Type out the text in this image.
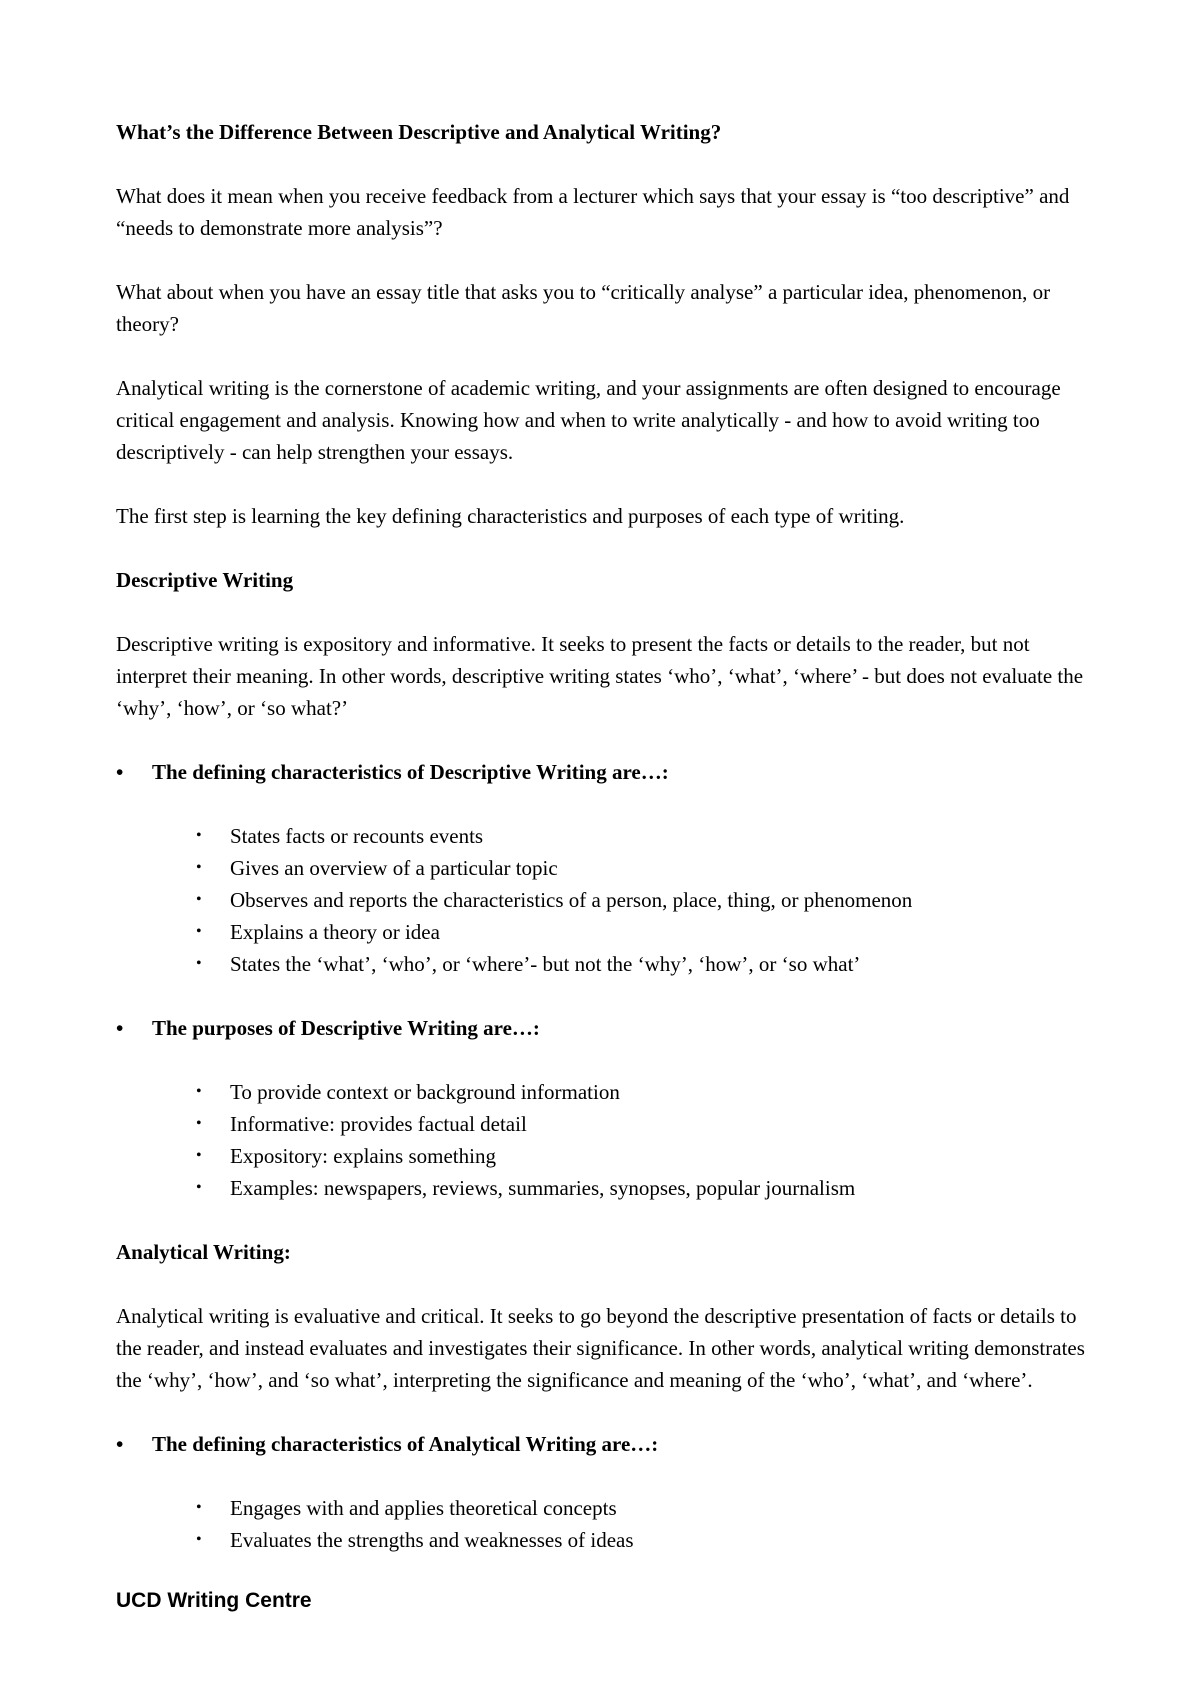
What’s the Difference Between Descriptive and Analytical Writing?
What does it mean when you receive feedback from a lecturer which says that your essay is “too descriptive” and “needs to demonstrate more analysis”?
What about when you have an essay title that asks you to “critically analyse” a particular idea, phenomenon, or theory?
Analytical writing is the cornerstone of academic writing, and your assignments are often designed to encourage critical engagement and analysis. Knowing how and when to write analytically - and how to avoid writing too descriptively - can help strengthen your essays.
The first step is learning the key defining characteristics and purposes of each type of writing.
Descriptive Writing
Descriptive writing is expository and informative. It seeks to present the facts or details to the reader, but not interpret their meaning. In other words, descriptive writing states ‘who’, ‘what’, ‘where’ - but does not evaluate the ‘why’, ‘how’, or ‘so what?’
• The defining characteristics of Descriptive Writing are…:
• States facts or recounts events
• Gives an overview of a particular topic
• Observes and reports the characteristics of a person, place, thing, or phenomenon
• Explains a theory or idea
• States the ‘what’, ‘who’, or ‘where’- but not the ‘why’, ‘how’, or ‘so what’
• The purposes of Descriptive Writing are…:
• To provide context or background information
• Informative: provides factual detail
• Expository: explains something
• Examples: newspapers, reviews, summaries, synopses, popular journalism
Analytical Writing:
Analytical writing is evaluative and critical. It seeks to go beyond the descriptive presentation of facts or details to the reader, and instead evaluates and investigates their significance. In other words, analytical writing demonstrates the ‘why’, ‘how’, and ‘so what’, interpreting the significance and meaning of the ‘who’, ‘what’, and ‘where’.
• The defining characteristics of Analytical Writing are…:
• Engages with and applies theoretical concepts
• Evaluates the strengths and weaknesses of ideas
UCD Writing Centre
